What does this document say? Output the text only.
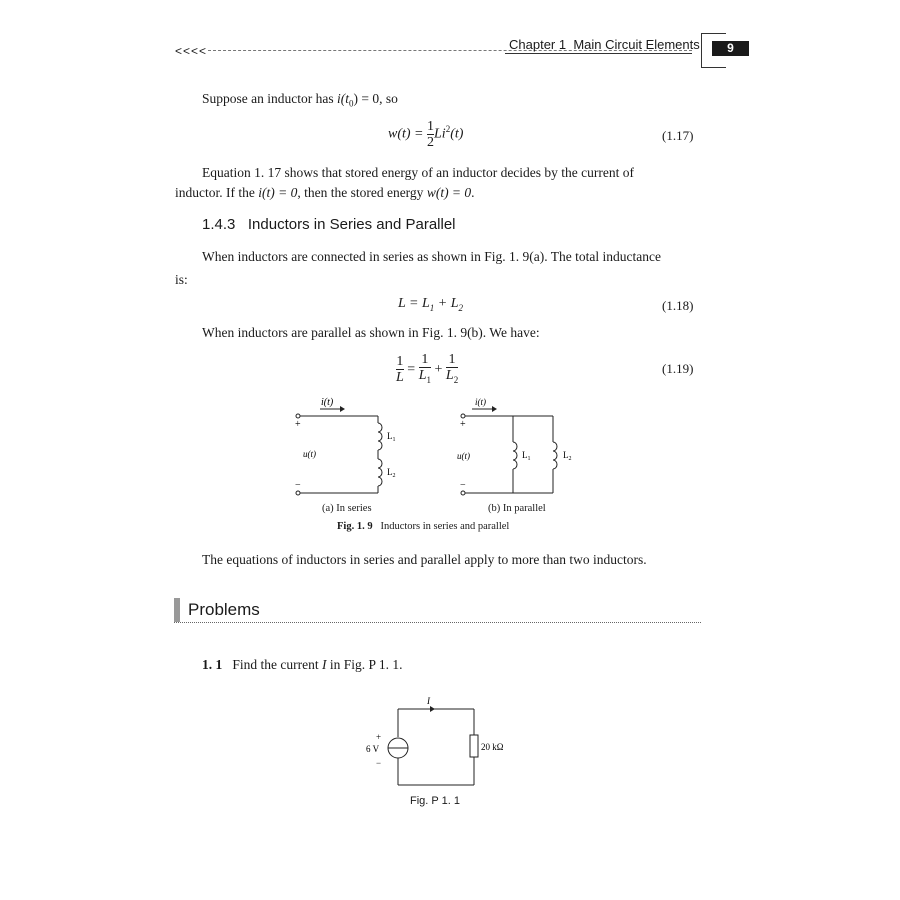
<<<<	Chapter 1 Main Circuit Elements	9
Suppose an inductor has $i(t_0) = 0$, so
$w(t) = \frac{1}{2} Li^2(t)$	(1.17)
Equation 1. 17 shows that stored energy of an inductor decides by the current of
inductor. If the i(t) = 0, then the stored energy w(t) = 0.
1.4.3 Inductors in Series and Parallel
When inductors are connected in series as shown in Fig. 1. 9(a). The total inductance
is:
$L = L_1 + L_2$	(1.18)
When inductors are parallel as shown in Fig. 1. 9(b). We have:
$\frac{1}{L} = \frac{1}{L_1} + \frac{1}{L_2}$	(1.19)
i(t)
+
u(t)
−
$L_1$
$L_2$
i(t)
+
u(t)
−
$L_1$	$L_2$
(a) In series	(b) In parallel
Fig. 1. 9 Inductors in series and parallel
The equations of inductors in series and parallel apply to more than two inductors.
Problems
1. 1 Find the current I in Fig. P 1. 1.
I
+
6 V
−
20 kΩ
Fig. P 1. 1
